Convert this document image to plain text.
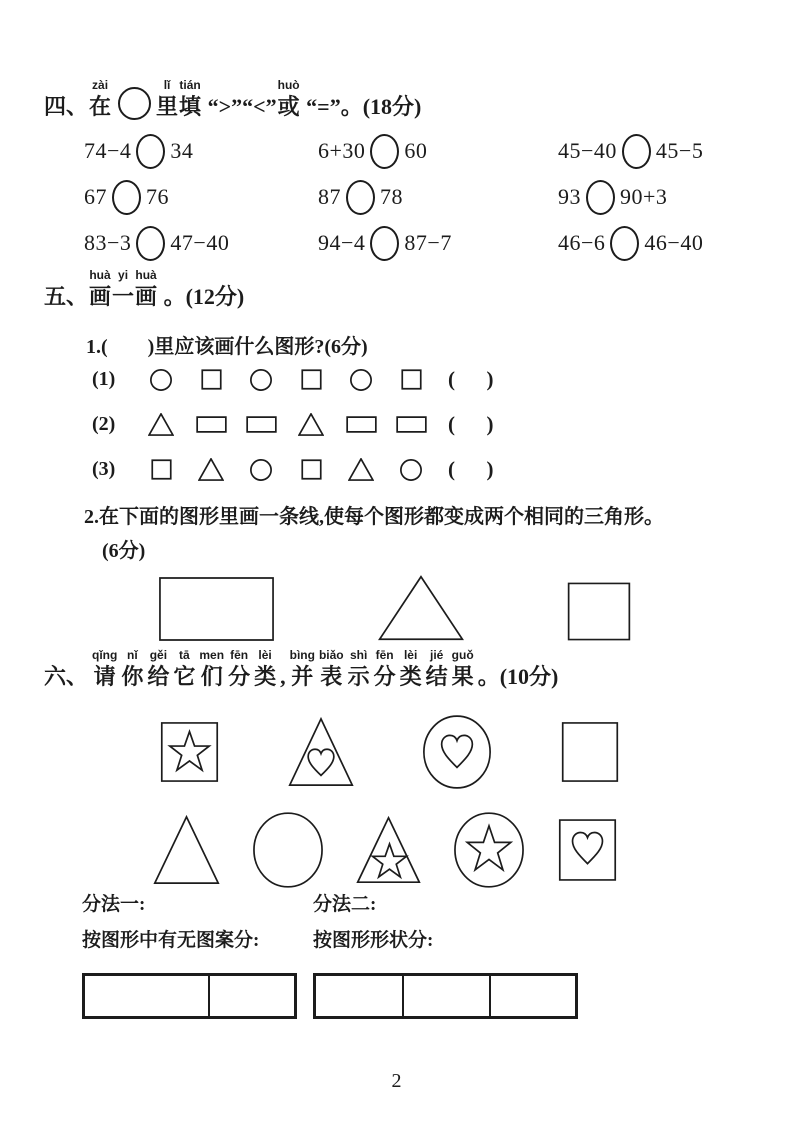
四、
zài
在
lǐ
里
tián
填 “>”“<”
huò
或 “=”。(18分)
74−4 34	6+30 60	45−40 45−5
67 76	87 78	93 90+3
83−3 47−40	94−4 87−7	46−6 46−40
五、
huà
画
yi
一
huà
画 。(12分)
1.(        )里应该画什么图形?(6分)
(1)	(      )
(2)	(      )
(3)	(      )
2.在下面的图形里画一条线,使每个图形都变成两个相同的三角形。
(6分)
六、
qǐng
请
nǐ
你
gěi
给
tā
它
men
们
fēn
分
lèi
类 ,
bìng
并
biǎo
表
shì
示
fēn
分
lèi
类
jié
结
guǒ
果 。(10分)
分法一:
按图形中有无图案分:
分法二:
按图形形状分:
2
